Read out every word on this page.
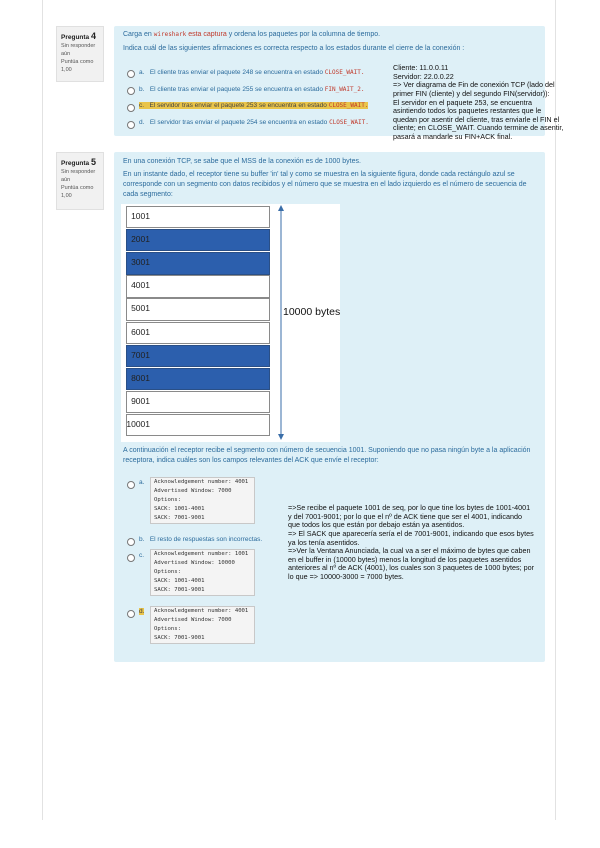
Pregunta 4
Sin responder aún
Puntúa como 1,00
Carga en wireshark esta captura y ordena los paquetes por la columna de tiempo.
Indica cuál de las siguientes afirmaciones es correcta respecto a los estados durante el cierre de la conexión :
a. El cliente tras enviar el paquete 248 se encuentra en estado CLOSE_WAIT.
b. El cliente tras enviar el paquete 255 se encuentra en estado FIN_WAIT_2.
c. El servidor tras enviar el paquete 253 se encuentra en estado CLOSE_WAIT.
d. El servidor tras enviar el paquete 254 se encuentra en estado CLOSE_WAIT.
Cliente: 11.0.0.11
Servidor: 22.0.0.22
=> Ver diagrama de Fin de conexión TCP (lado del primer FIN (cliente) y del segundo FIN(servidor)):
El servidor en el paquete 253, se encuentra asintiendo todos los paquetes restantes que le quedan por asentir del cliente, tras enviarle el FIN el cliente; en CLOSE_WAIT. Cuando termine de asentir, pasará a mandarle su FIN+ACK final.
Pregunta 5
Sin responder aún
Puntúa como 1,00
En una conexión TCP, se sabe que el MSS de la conexión es de 1000 bytes.
En un instante dado, el receptor tiene su buffer 'in' tal y como se muestra en la siguiente figura, donde cada rectángulo azul se corresponde con un segmento con datos recibidos y el número que se muestra en el lado izquierdo es el número de secuencia de cada segmento:
1001
2001
3001
4001
5001
6001
7001
8001
9001
10001
10000 bytes
A continuación el receptor recibe el segmento con número de secuencia 1001. Suponiendo que no pasa ningún byte a la aplicación receptora, indica cuáles son los campos relevantes del ACK que envíe el receptor:
a.	Acknowledgement number: 4001
Advertised Window: 7000
Options:
SACK: 1001-4001
SACK: 7001-9001
b. El resto de respuestas son incorrectas.
c.	Acknowledgement number: 1001
Advertised Window: 10000
Options:
SACK: 1001-4001
SACK: 7001-9001
d.	Acknowledgement number: 4001
Advertised Window: 7000
Options:
SACK: 7001-9001
=>Se recibe el paquete 1001 de seq, por lo que tine los bytes de 1001-4001 y del 7001-9001; por lo que el nº de ACK tiene que ser el 4001, indicando que todos los que están por debajo están ya asentidos.
=> El SACK que aparecería sería el de 7001-9001, indicando que esos bytes ya los tenía asentidos.
=>Ver la Ventana Anunciada, la cual va a ser el máximo de bytes que caben en el buffer in (10000 bytes) menos la longitud de los paquetes asentidos anteriores al nº de ACK (4001), los cuales son 3 paquetes de 1000 bytes; por lo que => 10000-3000 = 7000 bytes.
